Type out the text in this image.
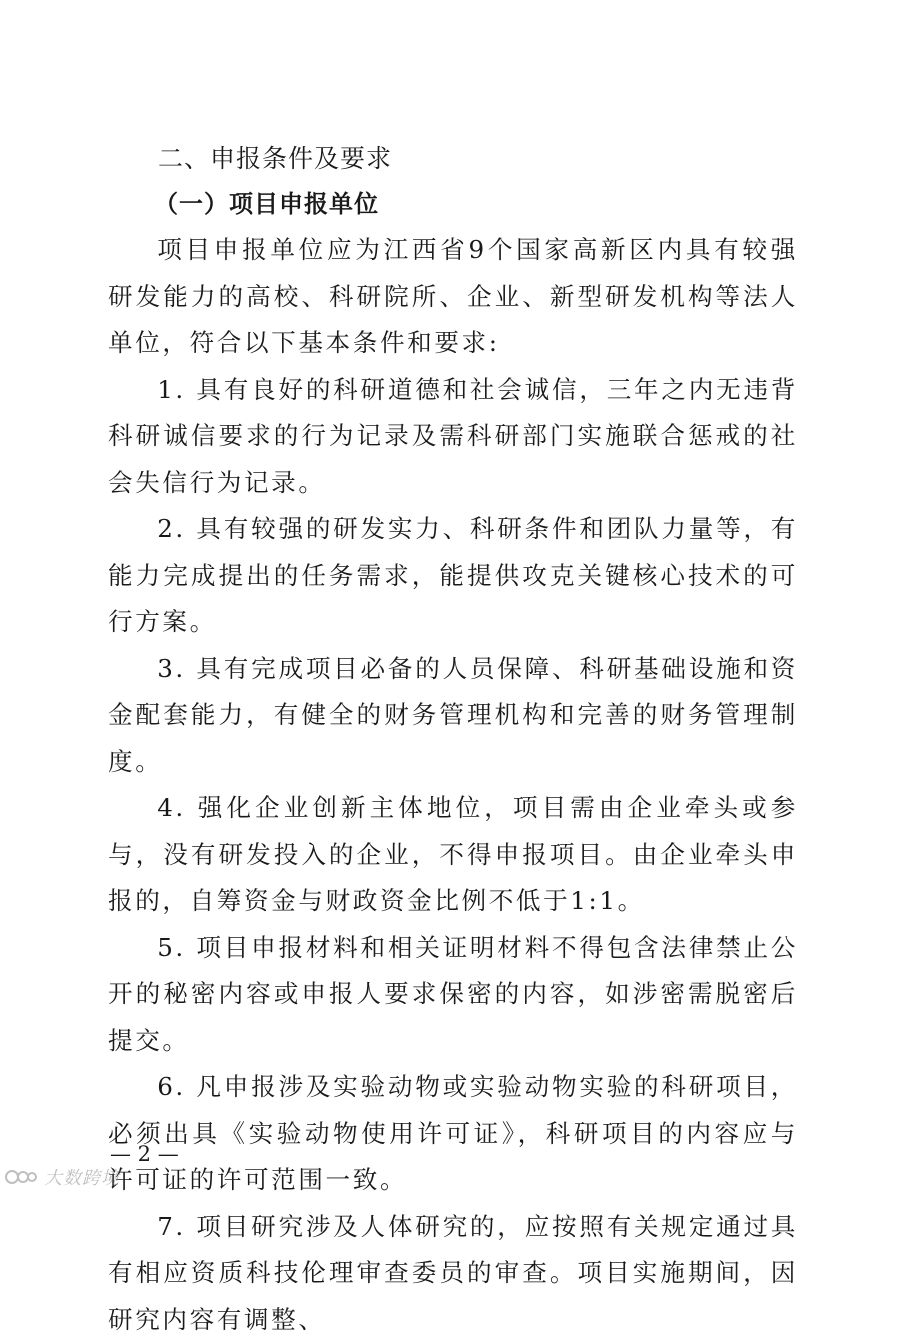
二、申报条件及要求
（一）项目申报单位

项目申报单位应为江西省9个国家高新区内具有较强研发能力的高校、科研院所、企业、新型研发机构等法人单位，符合以下基本条件和要求:

1. 具有良好的科研道德和社会诚信，三年之内无违背科研诚信要求的行为记录及需科研部门实施联合惩戒的社会失信行为记录。

2. 具有较强的研发实力、科研条件和团队力量等，有能力完成提出的任务需求，能提供攻克关键核心技术的可行方案。

3. 具有完成项目必备的人员保障、科研基础设施和资金配套能力，有健全的财务管理机构和完善的财务管理制度。

4. 强化企业创新主体地位，项目需由企业牵头或参与，没有研发投入的企业，不得申报项目。由企业牵头申报的，自筹资金与财政资金比例不低于1:1。

5. 项目申报材料和相关证明材料不得包含法律禁止公开的秘密内容或申报人要求保密的内容，如涉密需脱密后提交。

6. 凡申报涉及实验动物或实验动物实验的科研项目，必须出具《实验动物使用许可证》，科研项目的内容应与许可证的许可范围一致。

7. 项目研究涉及人体研究的，应按照有关规定通过具有相应资质科技伦理审查委员的审查。项目实施期间，因研究内容有调整、

— 2 —
大数跨境
